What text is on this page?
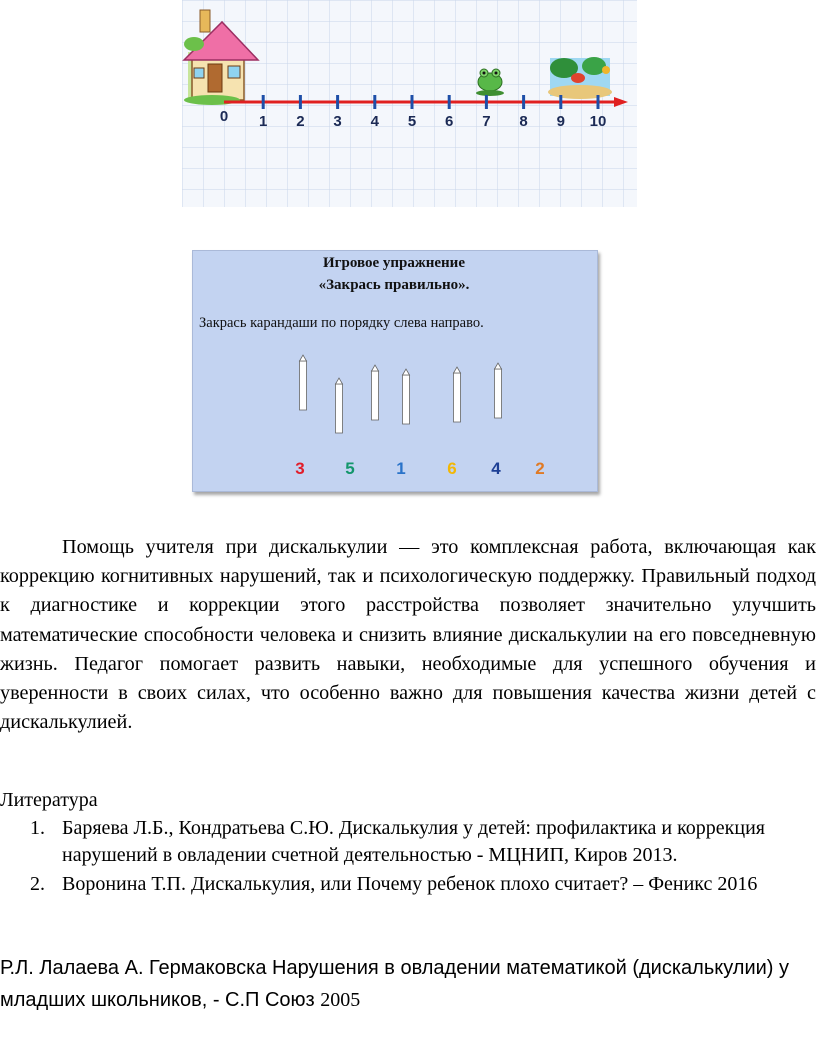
0 1 2 3 4 5 6 7 8 9 10
3 5 1 6 4 2
Игровое упражнение
«Закрась правильно».
Закрась карандаши по порядку слева направо.

Помощь учителя при дискалькулии — это комплексная работа, включающая как коррекцию когнитивных нарушений, так и психологическую поддержку. Правильный подход к диагностике и коррекции этого расстройства позволяет значительно улучшить математические способности человека и снизить влияние дискалькулии на его повседневную жизнь. Педагог помогает развить навыки, необходимые для успешного обучения и уверенности в своих силах, что особенно важно для повышения качества жизни детей с дискалькулией.

Литература

1. Баряева Л.Б., Кондратьева С.Ю. Дискалькулия у детей: профилактика и коррекция нарушений в овладении счетной деятельностью - МЦНИП, Киров 2013.
2. Воронина Т.П. Дискалькулия, или Почему ребенок плохо считает? – Феникс 2016

Р.Л. Лалаева А. Гермаковска Нарушения в овладении математикой (дискалькулии) у младших школьников, - С.П Союз 2005
